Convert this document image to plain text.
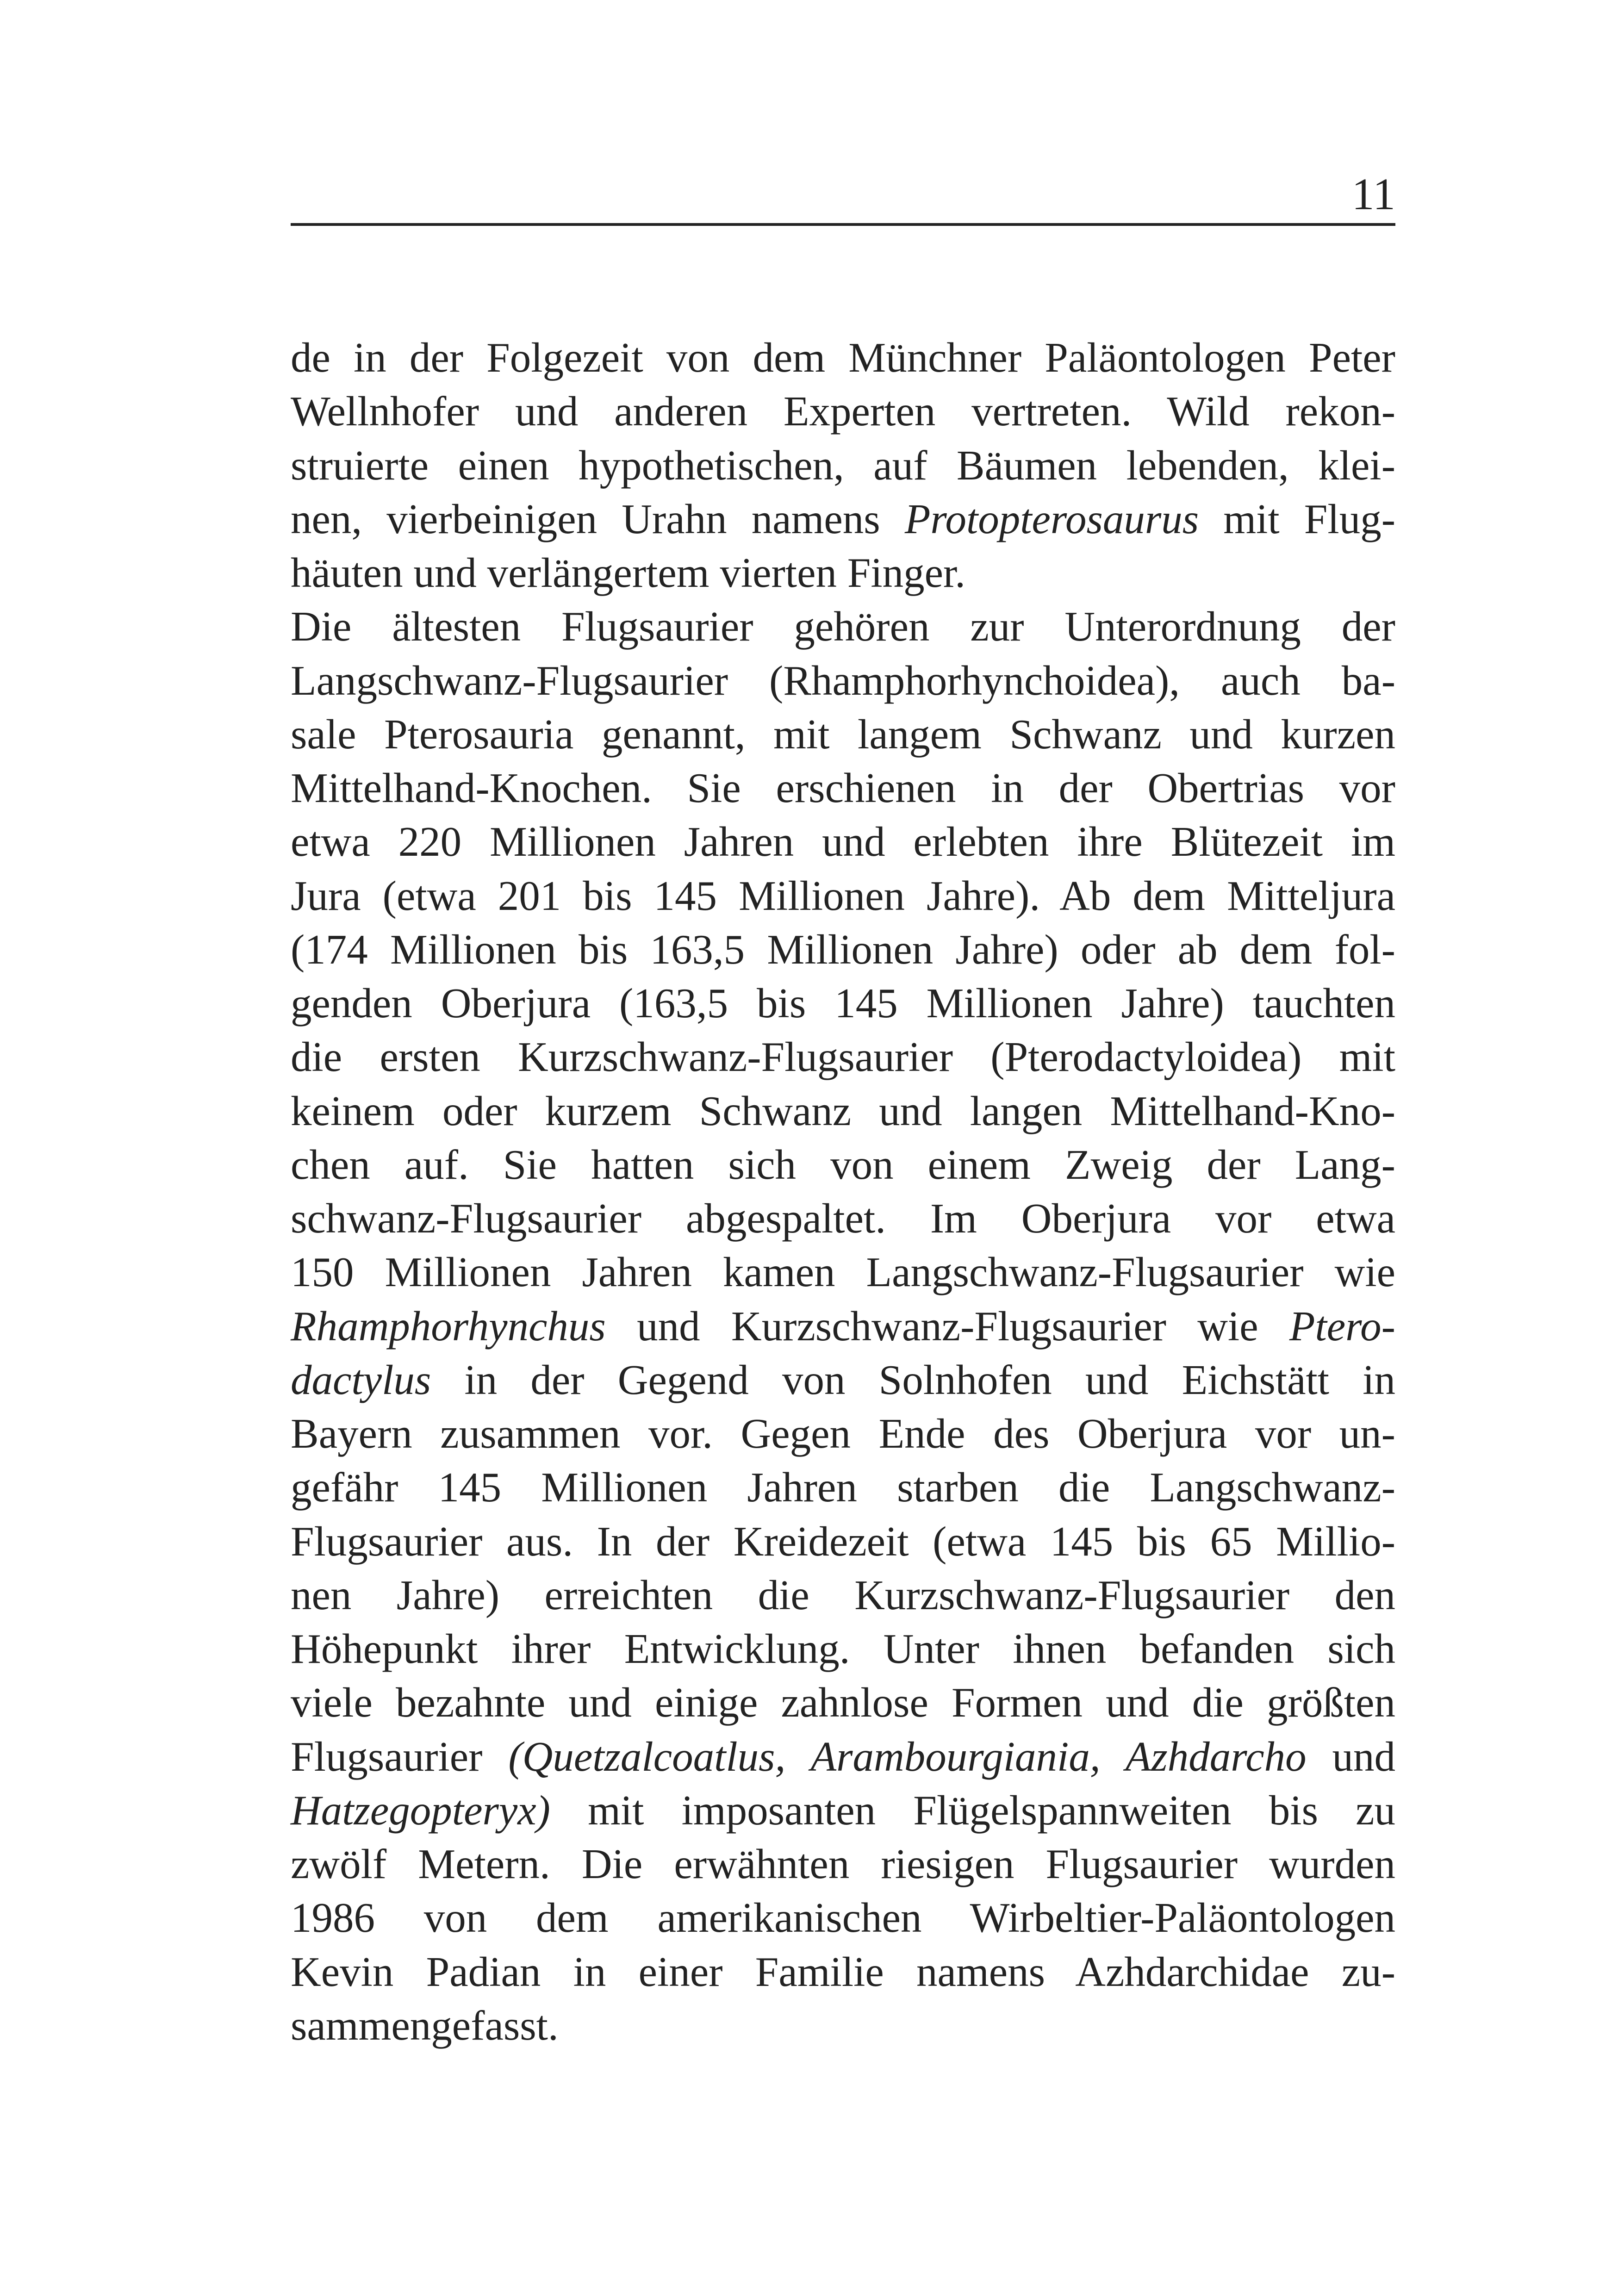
11
de in der Folgezeit von dem Münchner Paläontologen Peter
Wellnhofer und anderen Experten vertreten. Wild rekon-
struierte einen hypothetischen, auf Bäumen lebenden, klei-
nen, vierbeinigen Urahn namens Protopterosaurus mit Flug-
häuten und verlängertem vierten Finger.
Die ältesten Flugsaurier gehören zur Unterordnung der
Langschwanz-Flugsaurier (Rhamphorhynchoidea), auch ba-
sale Pterosauria genannt, mit langem Schwanz und kurzen
Mittelhand-Knochen. Sie erschienen in der Obertrias vor
etwa 220 Millionen Jahren und erlebten ihre Blütezeit im
Jura (etwa 201 bis 145 Millionen Jahre). Ab dem Mitteljura
(174 Millionen bis 163,5 Millionen Jahre) oder ab dem fol-
genden Oberjura (163,5 bis 145 Millionen Jahre) tauchten
die ersten Kurzschwanz-Flugsaurier (Pterodactyloidea) mit
keinem oder kurzem Schwanz und langen Mittelhand-Kno-
chen auf. Sie hatten sich von einem Zweig der Lang-
schwanz-Flugsaurier abgespaltet. Im Oberjura vor etwa
150 Millionen Jahren kamen Langschwanz-Flugsaurier wie
Rhamphorhynchus und Kurzschwanz-Flugsaurier wie Ptero-
dactylus in der Gegend von Solnhofen und Eichstätt in
Bayern zusammen vor. Gegen Ende des Oberjura vor un-
gefähr 145 Millionen Jahren starben die Langschwanz-
Flugsaurier aus. In der Kreidezeit (etwa 145 bis 65 Millio-
nen Jahre) erreichten die Kurzschwanz-Flugsaurier den
Höhepunkt ihrer Entwicklung. Unter ihnen befanden sich
viele bezahnte und einige zahnlose Formen und die größten
Flugsaurier (Quetzalcoatlus, Arambourgiania, Azhdarcho und
Hatzegopteryx) mit imposanten Flügelspannweiten bis zu
zwölf Metern. Die erwähnten riesigen Flugsaurier wurden
1986 von dem amerikanischen Wirbeltier-Paläontologen
Kevin Padian in einer Familie namens Azhdarchidae zu-
sammengefasst.
